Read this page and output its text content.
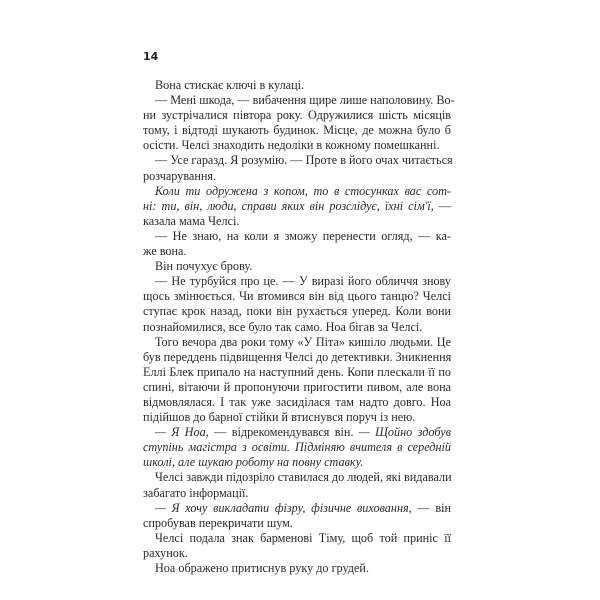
14
Вона стискає ключі в кулаці.
— Мені шкода, — вибачення щире лише наполовину. Во-
ни зустрічалися півтора року. Одружилися шість місяців
тому, і відтоді шукають будинок. Місце, де можна було б
осісти. Челсі знаходить недоліки в кожному помешканні.
— Усе гаразд. Я розумію. — Проте в його очах читається
розчарування.
Коли ти одружена з копом, то в стосунках вас сот-
ні: ти, він, люди, справи яких він розслідує, їхні сім'ї, —
казала мама Челсі.
— Не знаю, на коли я зможу перенести огляд, — ка-
же вона.
Він почухує брову.
— Не турбуйся про це. — У виразі його обличчя знову
щось змінюється. Чи втомився він від цього танцю? Челсі
ступає крок назад, поки він рухається уперед. Коли вони
познайомилися, все було так само. Ноа бігав за Челсі.
Того вечора два роки тому «У Піта» кишіло людьми. Це
був переддень підвищення Челсі до детективки. Зникнення
Еллі Блек припало на наступний день. Копи плескали її по
спині, вітаючи й пропонуючи пригостити пивом, але вона
відмовлялася. І так уже засиділася там надто довго. Ноа
підійшов до барної стійки й втиснувся поруч із нею.
— Я Ноа, — відрекомендувався він. — Щойно здобув
ступінь магістра з освіти. Підміняю вчителя в середній
школі, але шукаю роботу на повну ставку.
Челсі завжди підозріло ставилася до людей, які видавали
забагато інформації.
— Я хочу викладати фізру, фізичне виховання, — він
спробував перекричати шум.
Челсі подала знак барменові Тіму, щоб той приніс її
рахунок.
Ноа ображено притиснув руку до грудей.
